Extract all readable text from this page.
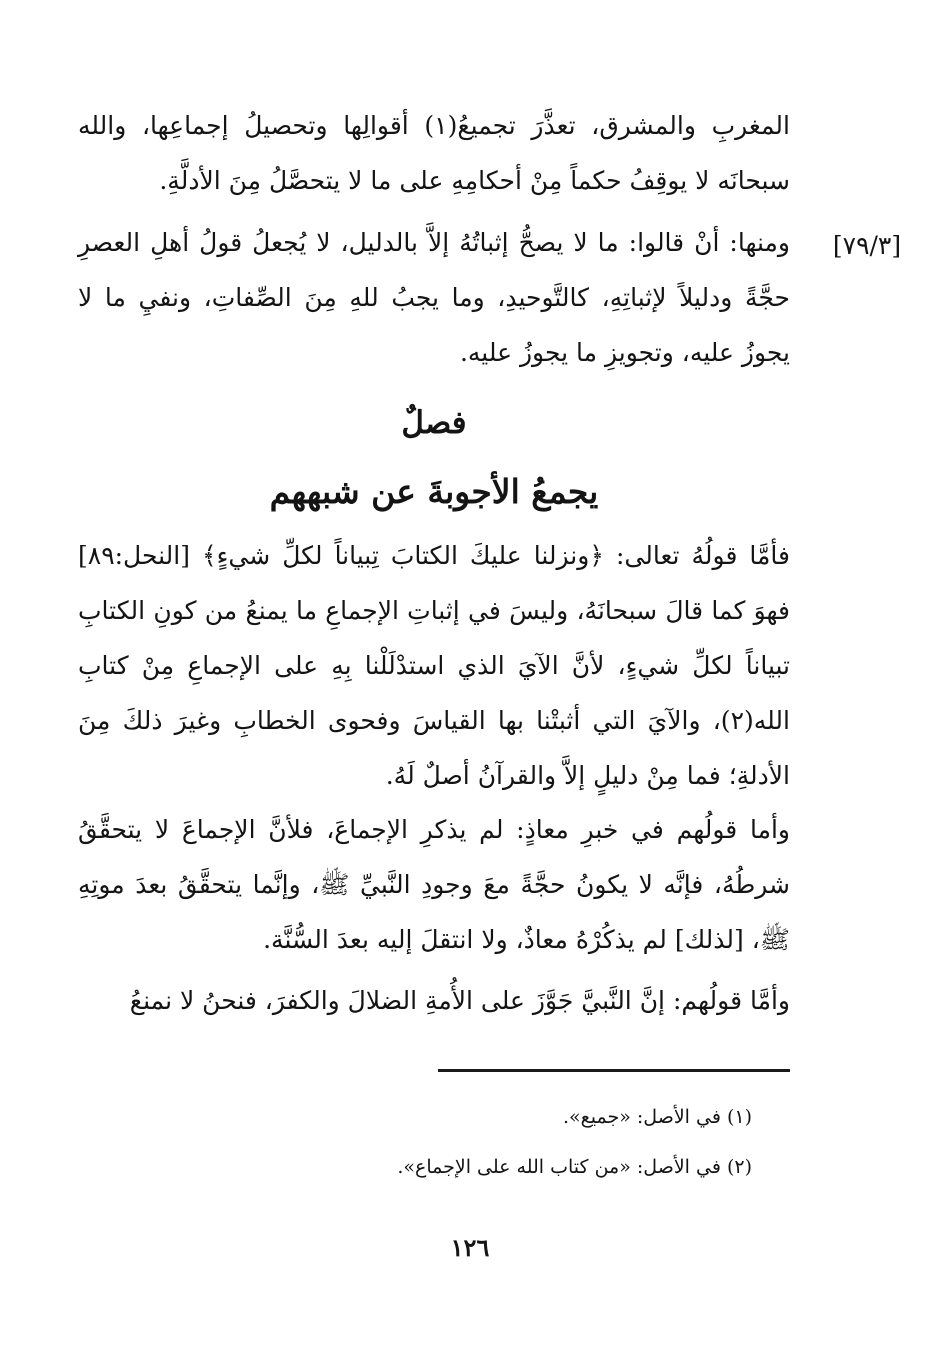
المغربِ والمشرق، تعذَّرَ تجميعُ(١) أقوالِها وتحصيلُ إجماعِها، والله سبحانَه لا يوقِفُ حكماً مِنْ أحكامِهِ على ما لا يتحصَّلُ مِنَ الأدلَّةِ.

[٧٩/٣]

ومنها: أنْ قالوا: ما لا يصحُّ إثباتُهُ إلاَّ بالدليل، لا يُجعلُ قولُ أهلِ العصرِ حجَّةً ودليلاً لإثباتِهِ، كالتَّوحيدِ، وما يجبُ للهِ مِنَ الصِّفاتِ، ونفيِ ما لا يجوزُ عليه، وتجويزِ ما يجوزُ عليه.

فصلٌ
يجمعُ الأجوبةَ عن شبههم

فأمَّا قولُهُ تعالى: ﴿ونزلنا عليكَ الكتابَ تِبياناً لكلِّ شيءٍ﴾ [النحل:٨٩] فهوَ كما قالَ سبحانَهُ، وليسَ في إثباتِ الإجماعِ ما يمنعُ من كونِ الكتابِ تبياناً لكلِّ شيءٍ، لأنَّ الآيَ الذي استدْلَلْنا بِهِ على الإجماعِ مِنْ كتابِ الله(٢)، والآيَ التي أثبتْنا بها القياسَ وفحوى الخطابِ وغيرَ ذلكَ مِنَ الأدلةِ؛ فما مِنْ دليلٍ إلاَّ والقرآنُ أصلٌ لَهُ.

وأما قولُهم في خبرِ معاذٍ: لم يذكرِ الإجماعَ، فلأنَّ الإجماعَ لا يتحقَّقُ شرطُهُ، فإنَّه لا يكونُ حجَّةً معَ وجودِ النَّبيِّ ﷺ، وإنَّما يتحقَّقُ بعدَ موتِهِ ﷺ، [لذلك] لم يذكُرْهُ معاذٌ، ولا انتقلَ إليه بعدَ السُّنَّة.

وأمَّا قولُهم: إنَّ النَّبيَّ جَوَّزَ على الأُمةِ الضلالَ والكفرَ، فنحنُ لا نمنعُ

(١) في الأصل: «جميع».

(٢) في الأصل: «من كتاب الله على الإجماع».

١٢٦
